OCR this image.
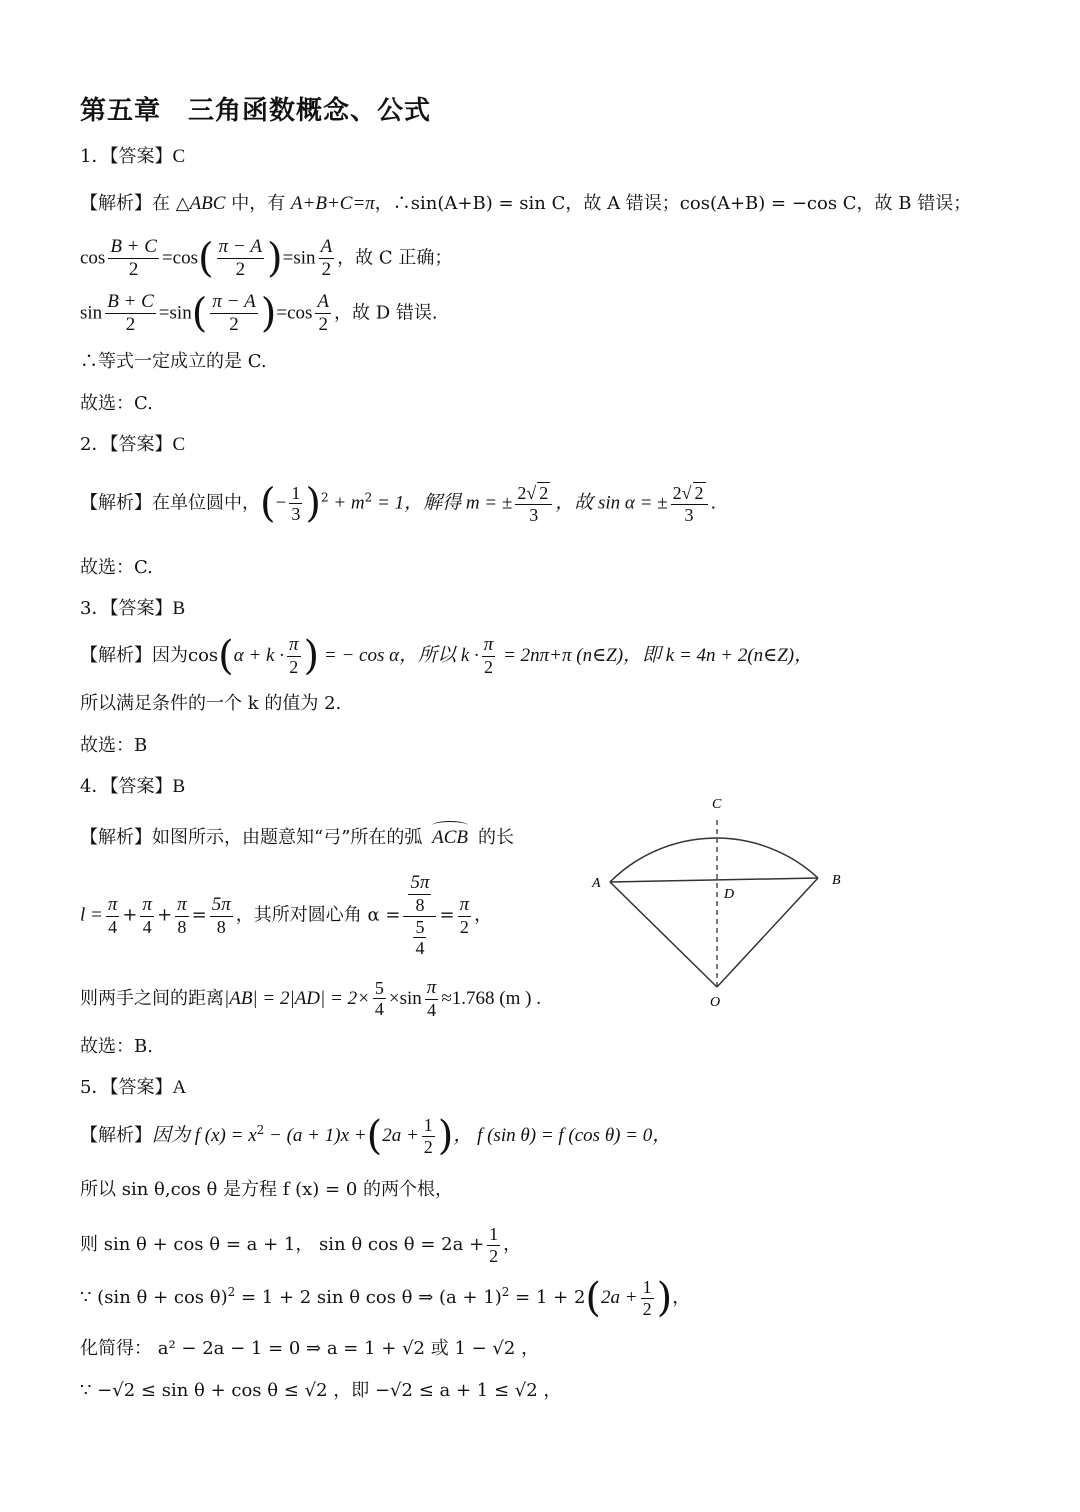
第五章　三角函数概念、公式
1．【答案】C
【解析】在 △ABC 中，有 A+B+C=π，∴sin(A+B) = sin C，故 A 错误；cos(A+B) = −cos C，故 B 错误；
$\cos \frac{B + C}{2} =\cos( \frac{\pi - A}{2} )=\sin \frac{A}{2}$ ，故 C 正确；
$\sin \frac{B + C}{2} =\sin( \frac{\pi - A}{2} )=\cos \frac{A}{2}$ ，故 D 错误.
∴等式一定成立的是 C.
故选：C.
2．【答案】C
【解析】在单位圆中，(− $\frac{1}{3} )^2 + m^2 = 1$，解得 m = ± $\frac{2√ 2}{3}$ ，故 sin α = ± $\frac{2√ 2}{3}$ .
故选：C.
3．【答案】B
【解析】因为$\cos(\alpha + k \cdot \frac{\pi}{2}$ ) = − cos α，所以 $k \cdot \frac{\pi}{2} = 2n\pi+\pi$ (n∈Z)，即 k = 4n + 2(n∈Z)，
所以满足条件的一个 k 的值为 2.
故选：B
4．【答案】B
【解析】如图所示，由题意知“弓”所在的弧 ACB 的长
$l = \frac{\pi}{4} + \frac{\pi}{4} + \frac{\pi}{8} = \frac{5\pi}{8}$ ，其所对圆心角 $\alpha = \frac{\frac{5\pi}{8}}{\frac{5}{4}} = \frac{\pi}{2}$ ，
则两手之间的距离$|AB| = 2|AD| = 2\times \frac{5}{4} \times\sin \frac{\pi}{4} \approx 1.768$ (m ) .
故选：B.
C
A	B
D
O
5．【答案】A
【解析】因为 f $(x) = x^2 - (a + 1)x +(2a + \frac{1}{2}$ )， f (sin θ) = f (cos θ) = 0，
所以 sin θ,cos θ 是方程 f (x) = 0 的两个根，
则 sin θ + cos θ = a + 1， sin θ $\cos \theta = 2a + \frac{1}{2}$ ，
∵ (sin θ + cos θ)$^2$ = 1 + 2 sin θ cos θ ⇒ $(a + 1)^2 = 1 + 2(2a + \frac{1}{2}$ )，
化简得： a² − 2a − 1 = 0 ⇒ a = 1 + √2 或 1 − √2 ，
∵ −√2 ≤ sin θ + cos θ ≤ √2 ，即 −√2 ≤ a + 1 ≤ √2 ，
